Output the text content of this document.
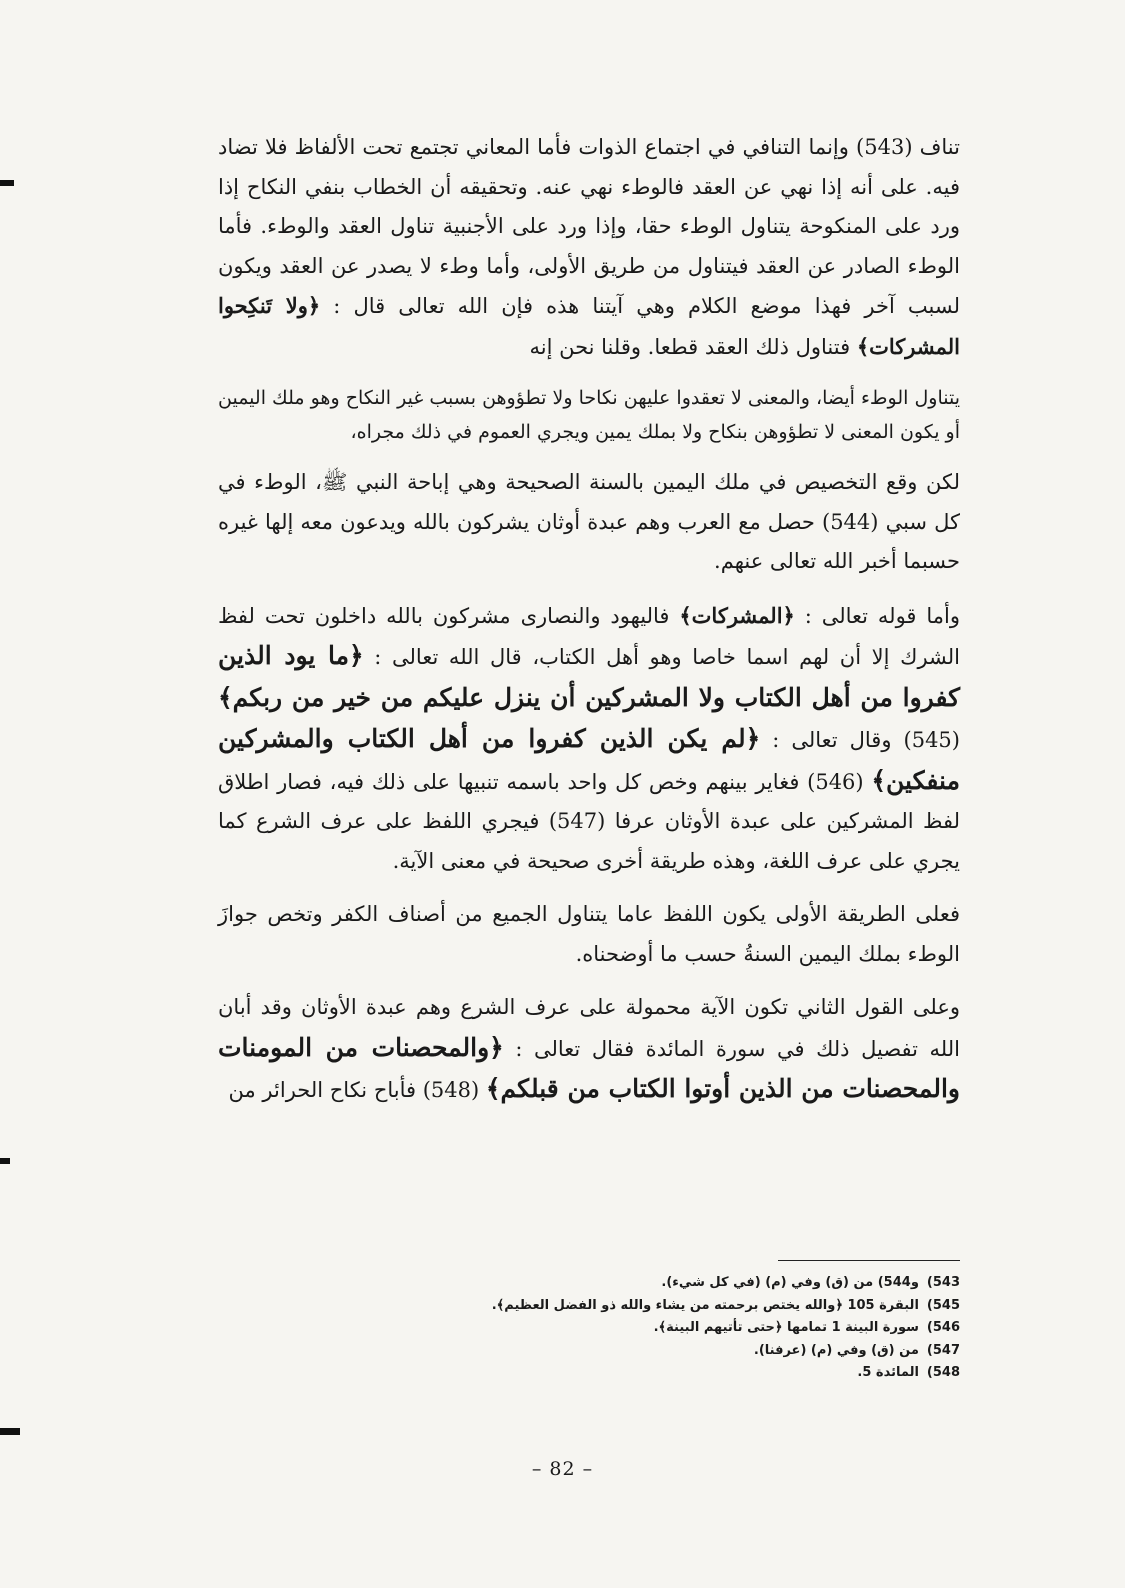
تناف (543) وإنما التنافي في اجتماع الذوات فأما المعاني تجتمع تحت الألفاظ فلا تضاد فيه. على أنه إذا نهي عن العقد فالوطء نهي عنه. وتحقيقه أن الخطاب بنفي النكاح إذا ورد على المنكوحة يتناول الوطء حقا، وإذا ورد على الأجنبية تناول العقد والوطء. فأما الوطء الصادر عن العقد فيتناول من طريق الأولى، وأما وطء لا يصدر عن العقد ويكون لسبب آخر فهذا موضع الكلام وهي آيتنا هذه فإن الله تعالى قال : ﴿ولا تَنكِحوا المشركات﴾ فتناول ذلك العقد قطعا. وقلنا نحن إنه

يتناول الوطء أيضا، والمعنى لا تعقدوا عليهن نكاحا ولا تطؤوهن بسبب غير النكاح وهو ملك اليمين أو يكون المعنى لا تطؤوهن بنكاح ولا بملك يمين ويجري العموم في ذلك مجراه،

لكن وقع التخصيص في ملك اليمين بالسنة الصحيحة وهي إباحة النبي ﷺ، الوطء في كل سبي (544) حصل مع العرب وهم عبدة أوثان يشركون بالله ويدعون معه إلها غيره حسبما أخبر الله تعالى عنهم.

وأما قوله تعالى : ﴿المشركات﴾ فاليهود والنصارى مشركون بالله داخلون تحت لفظ الشرك إلا أن لهم اسما خاصا وهو أهل الكتاب، قال الله تعالى : ﴿ما يود الذين كفروا من أهل الكتاب ولا المشركين أن ينزل عليكم من خير من ربكم﴾ (545) وقال تعالى : ﴿لم يكن الذين كفروا من أهل الكتاب والمشركين منفكين﴾ (546) فغاير بينهم وخص كل واحد باسمه تنبيها على ذلك فيه، فصار اطلاق لفظ المشركين على عبدة الأوثان عرفا (547) فيجري اللفظ على عرف الشرع كما يجري على عرف اللغة، وهذه طريقة أخرى صحيحة في معنى الآية.

فعلى الطريقة الأولى يكون اللفظ عاما يتناول الجميع من أصناف الكفر وتخص جوازَ الوطء بملك اليمين السنةُ حسب ما أوضحناه.

وعلى القول الثاني تكون الآية محمولة على عرف الشرع وهم عبدة الأوثان وقد أبان الله تفصيل ذلك في سورة المائدة فقال تعالى : ﴿والمحصنات من المومنات والمحصنات من الذين أوتوا الكتاب من قبلكم﴾ (548) فأباح نكاح الحرائر من

543)و544) من (ق) وفي (م) (في كل شيء).
545)البقرة 105 ﴿والله يختص برحمته من يشاء والله ذو الفضل العظيم﴾.
546)سورة البينة 1 تمامها ﴿حتى تأتيهم البينة﴾.
547)من (ق) وفي (م) (عرفنا).
548)المائدة 5.
– 82 –
